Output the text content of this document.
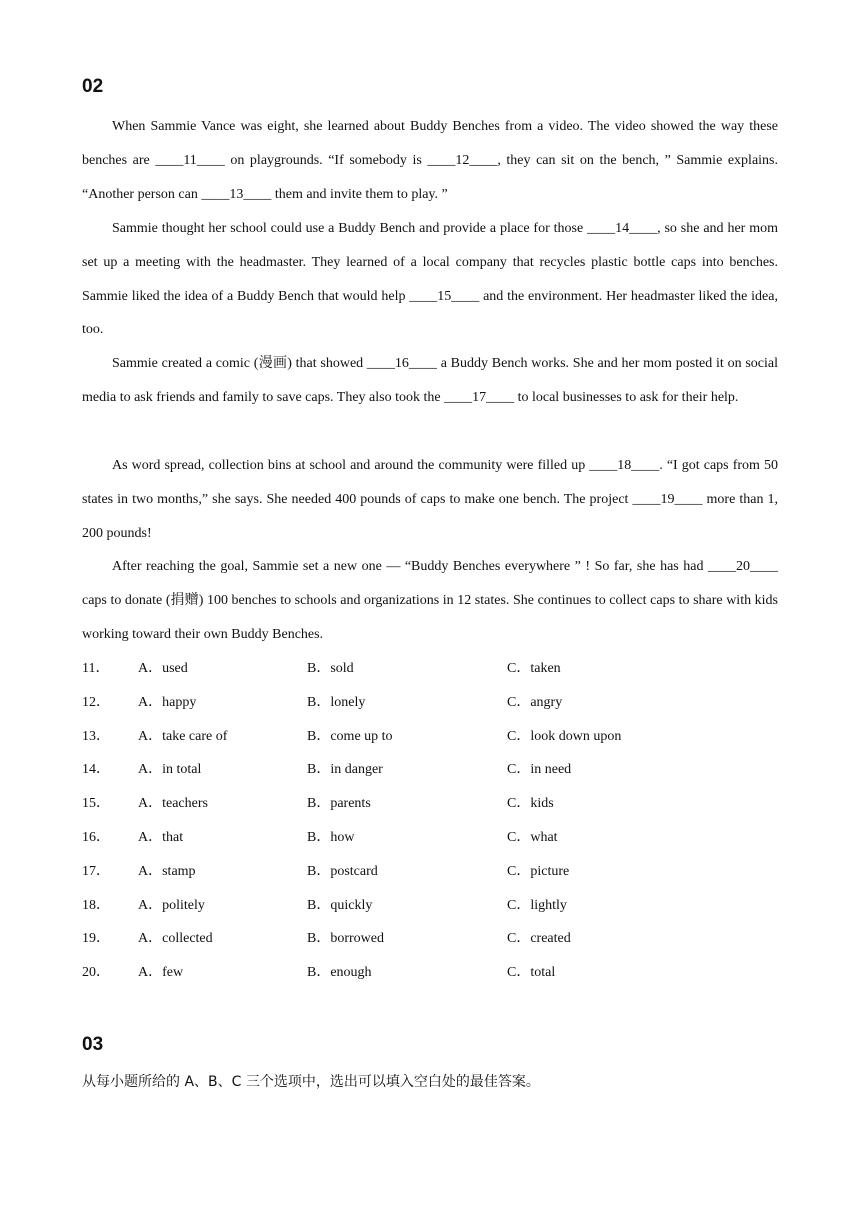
02

When Sammie Vance was eight, she learned about Buddy Benches from a video. The video showed the way these benches are ____11____ on playgrounds. “If somebody is ____12____, they can sit on the bench, ” Sammie explains. “Another person can ____13____ them and invite them to play. ”

Sammie thought her school could use a Buddy Bench and provide a place for those ____14____, so she and her mom set up a meeting with the headmaster. They learned of a local company that recycles plastic bottle caps into benches. Sammie liked the idea of a Buddy Bench that would help ____15____ and the environment. Her headmaster liked the idea, too.

Sammie created a comic (漫画) that showed ____16____ a Buddy Bench works. She and her mom posted it on social media to ask friends and family to save caps. They also took the ____17____ to local businesses to ask for their help.

As word spread, collection bins at school and around the community were filled up ____18____. “I got caps from 50 states in two months,” she says. She needed 400 pounds of caps to make one bench. The project ____19____ more than 1, 200 pounds!

After reaching the goal, Sammie set a new one — “Buddy Benches everywhere ” ! So far, she has had ____20____ caps to donate (捐赠) 100 benches to schools and organizations in 12 states. She continues to collect caps to share with kids working toward their own Buddy Benches.

11．	A．used	B．sold	C．taken
12．	A．happy	B．lonely	C．angry
13．	A．take care of	B．come up to	C．look down upon
14．	A．in total	B．in danger	C．in need
15．	A．teachers	B．parents	C．kids
16．	A．that	B．how	C．what
17．	A．stamp	B．postcard	C．picture
18．	A．politely	B．quickly	C．lightly
19．	A．collected	B．borrowed	C．created
20．	A．few	B．enough	C．total
03
从每小题所给的 A、B、C 三个选项中，选出可以填入空白处的最佳答案。
